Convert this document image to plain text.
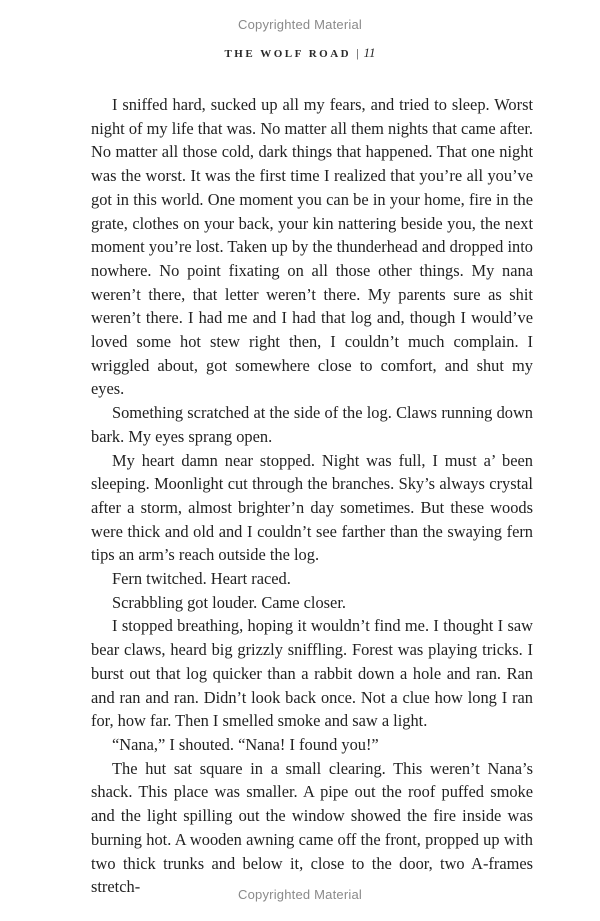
Copyrighted Material
THE WOLF ROAD | 11

I sniffed hard, sucked up all my fears, and tried to sleep. Worst night of my life that was. No matter all them nights that came after. No matter all those cold, dark things that happened. That one night was the worst. It was the first time I realized that you’re all you’ve got in this world. One moment you can be in your home, fire in the grate, clothes on your back, your kin nattering beside you, the next moment you’re lost. Taken up by the thunderhead and dropped into nowhere. No point fixating on all those other things. My nana weren’t there, that letter weren’t there. My parents sure as shit weren’t there. I had me and I had that log and, though I would’ve loved some hot stew right then, I couldn’t much complain. I wriggled about, got somewhere close to comfort, and shut my eyes.

Something scratched at the side of the log. Claws running down bark. My eyes sprang open.

My heart damn near stopped. Night was full, I must a’ been sleeping. Moonlight cut through the branches. Sky’s always crystal after a storm, almost brighter’n day sometimes. But these woods were thick and old and I couldn’t see farther than the swaying fern tips an arm’s reach outside the log.

Fern twitched. Heart raced.

Scrabbling got louder. Came closer.

I stopped breathing, hoping it wouldn’t find me. I thought I saw bear claws, heard big grizzly sniffling. Forest was playing tricks. I burst out that log quicker than a rabbit down a hole and ran. Ran and ran and ran. Didn’t look back once. Not a clue how long I ran for, how far. Then I smelled smoke and saw a light.

“Nana,” I shouted. “Nana! I found you!”

The hut sat square in a small clearing. This weren’t Nana’s shack. This place was smaller. A pipe out the roof puffed smoke and the light spilling out the window showed the fire inside was burning hot. A wooden awning came off the front, propped up with two thick trunks and below it, close to the door, two A-frames stretch-	Copyrighted Material
